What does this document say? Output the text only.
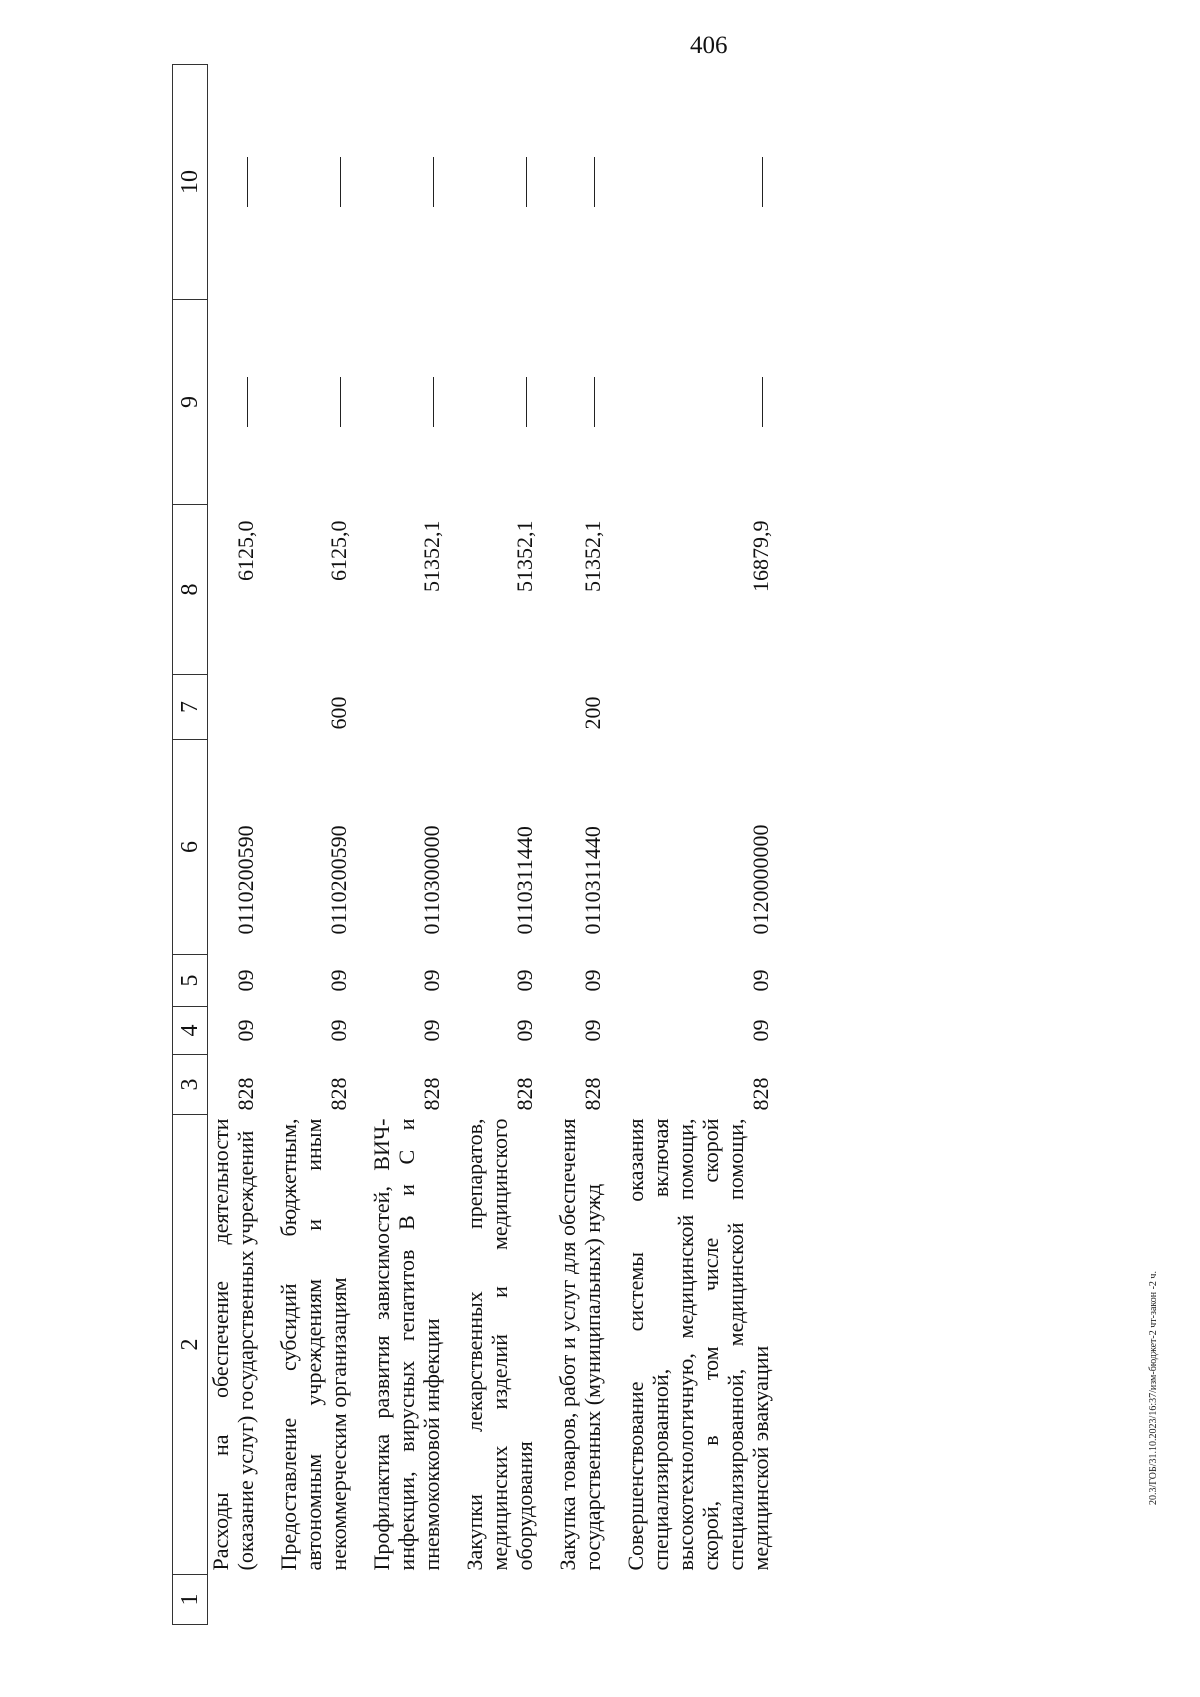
406
20.3/ГОБ/31.10.2023/16:37/изм-бюджет-2 чт-закон -2 ч.
1	2	3	4	5	6	7	8	9	10
	Расходы на обеспечение деятельности (оказание услуг) государственных учреждений	828	09	09	0110200590		6125,0		

	Предоставление субсидий бюджетным, автономным учреждениям и иным некоммерческим организациям	828	09	09	0110200590	600	6125,0		

	Профилактика развития зависимостей, ВИЧ-инфекции, вирусных гепатитов В и С и пневмококковой инфекции	828	09	09	0110300000		51352,1		

	Закупки лекарственных препаратов, медицинских изделий и медицинского оборудования	828	09	09	0110311440		51352,1		

	Закупка товаров, работ и услуг для обеспечения государственных (муниципальных) нужд	828	09	09	0110311440	200	51352,1		

	Совершенствование системы оказания специализированной, включая высокотехнологичную, медицинской помощи, скорой, в том числе скорой специализированной, медицинской помощи, медицинской эвакуации	828	09	09	0120000000		16879,9		
